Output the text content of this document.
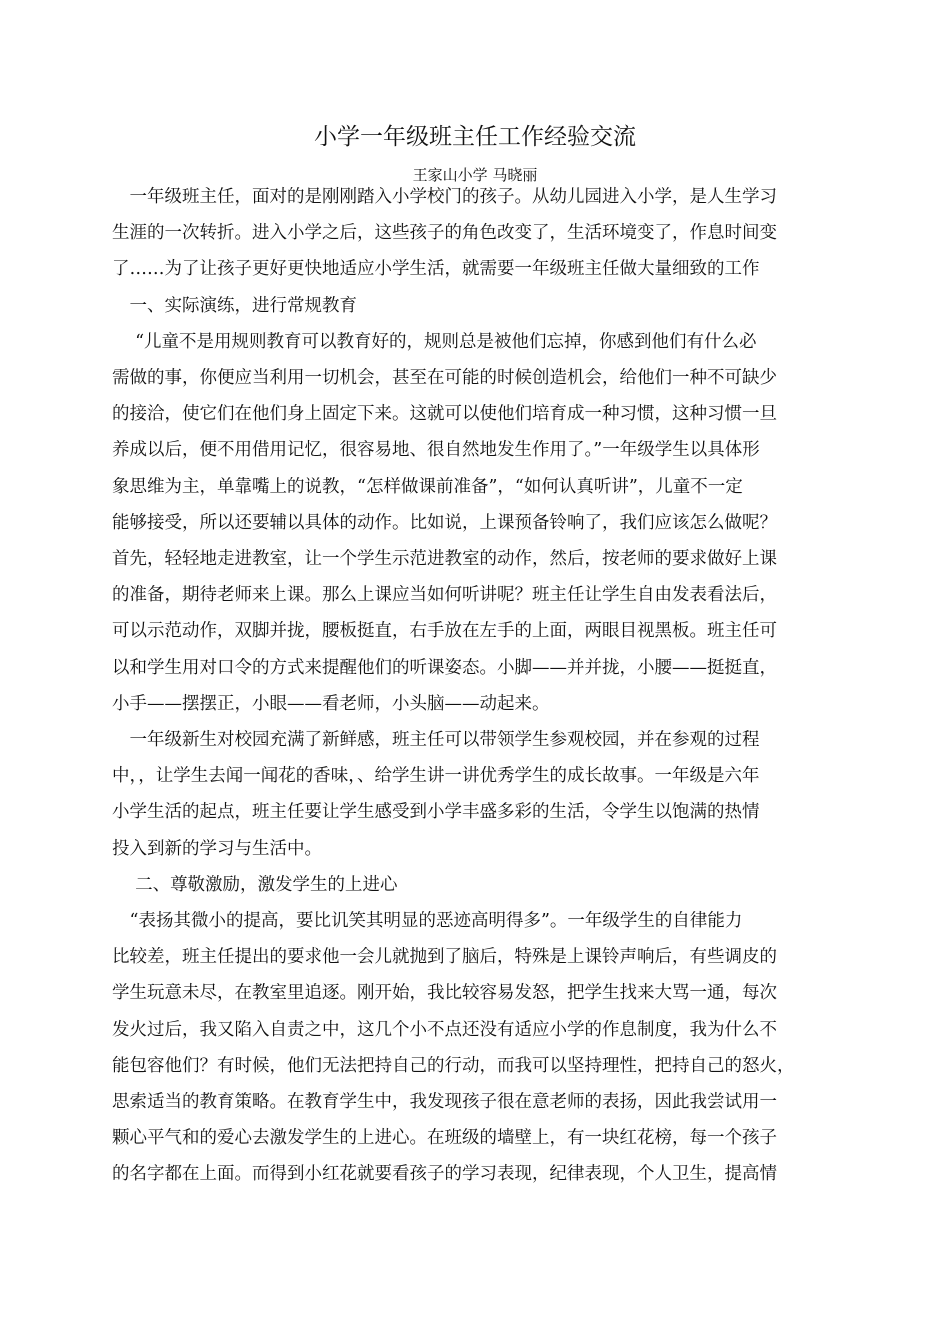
小学一年级班主任工作经验交流
王家山小学 马晓丽
　一年级班主任，面对的是刚刚踏入小学校门的孩子。从幼儿园进入小学，是人生学习
生涯的一次转折。进入小学之后，这些孩子的角色改变了，生活环境变了，作息时间变
了……为了让孩子更好更快地适应小学生活，就需要一年级班主任做大量细致的工作
　一、实际演练，进行常规教育
　 “儿童不是用规则教育可以教育好的，规则总是被他们忘掉，你感到他们有什么必
需做的事，你便应当利用一切机会，甚至在可能的时候创造机会，给他们一种不可缺少
的接洽，使它们在他们身上固定下来。这就可以使他们培育成一种习惯，这种习惯一旦
养成以后，便不用借用记忆，很容易地、很自然地发生作用了。”一年级学生以具体形
象思维为主，单靠嘴上的说教，“怎样做课前准备”，“如何认真听讲”，儿童不一定
能够接受，所以还要辅以具体的动作。比如说，上课预备铃响了，我们应该怎么做呢？
首先，轻轻地走进教室，让一个学生示范进教室的动作，然后，按老师的要求做好上课
的准备，期待老师来上课。那么上课应当如何听讲呢？班主任让学生自由发表看法后，
可以示范动作，双脚并拢，腰板挺直，右手放在左手的上面，两眼目视黑板。班主任可
以和学生用对口令的方式来提醒他们的听课姿态。小脚——并并拢，小腰——挺挺直，
小手——摆摆正，小眼——看老师，小头脑——动起来。
　一年级新生对校园充满了新鲜感，班主任可以带领学生参观校园，并在参观的过程
中，，让学生去闻一闻花的香味，、给学生讲一讲优秀学生的成长故事。一年级是六年
小学生活的起点，班主任要让学生感受到小学丰盛多彩的生活，令学生以饱满的热情
投入到新的学习与生活中。
　 二、尊敬激励，激发学生的上进心
　“表扬其微小的提高，要比讥笑其明显的恶迹高明得多”。一年级学生的自律能力
比较差，班主任提出的要求他一会儿就抛到了脑后，特殊是上课铃声响后，有些调皮的
学生玩意未尽，在教室里追逐。刚开始，我比较容易发怒，把学生找来大骂一通，每次
发火过后，我又陷入自责之中，这几个小不点还没有适应小学的作息制度，我为什么不
能包容他们？有时候，他们无法把持自己的行动，而我可以坚持理性，把持自己的怒火，
思索适当的教育策略。在教育学生中，我发现孩子很在意老师的表扬，因此我尝试用一
颗心平气和的爱心去激发学生的上进心。在班级的墙壁上，有一块红花榜，每一个孩子
的名字都在上面。而得到小红花就要看孩子的学习表现，纪律表现，个人卫生，提高情
